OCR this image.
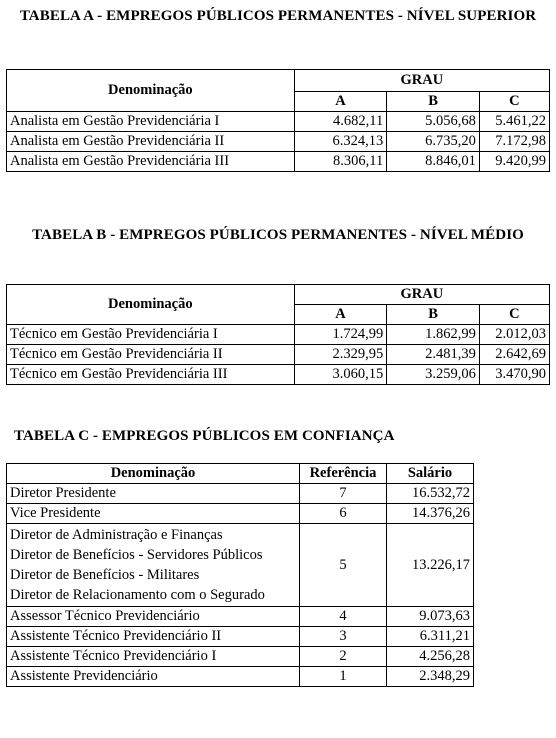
TABELA A - EMPREGOS PÚBLICOS PERMANENTES - NÍVEL SUPERIOR
Denominação	GRAU		
	A	B	C
Analista em Gestão Previdenciária I	4.682,11	5.056,68	5.461,22
Analista em Gestão Previdenciária II	6.324,13	6.735,20	7.172,98
Analista em Gestão Previdenciária III	8.306,11	8.846,01	9.420,99
TABELA B - EMPREGOS PÚBLICOS PERMANENTES - NÍVEL MÉDIO
Denominação	GRAU		
	A	B	C
Técnico em Gestão Previdenciária I	1.724,99	1.862,99	2.012,03
Técnico em Gestão Previdenciária II	2.329,95	2.481,39	2.642,69
Técnico em Gestão Previdenciária III	3.060,15	3.259,06	3.470,90
TABELA C - EMPREGOS PÚBLICOS EM CONFIANÇA
Denominação	Referência	Salário
Diretor Presidente	7	16.532,72
Vice Presidente	6	14.376,26

Diretor de Administração e Finanças
Diretor de Benefícios - Servidores Públicos
Diretor de Benefícios - Militares
Diretor de Relacionamento com o Segurado	5	13.226,17
Assessor Técnico Previdenciário	4	9.073,63
Assistente Técnico Previdenciário II	3	6.311,21
Assistente Técnico Previdenciário I	2	4.256,28
Assistente Previdenciário	1	2.348,29
